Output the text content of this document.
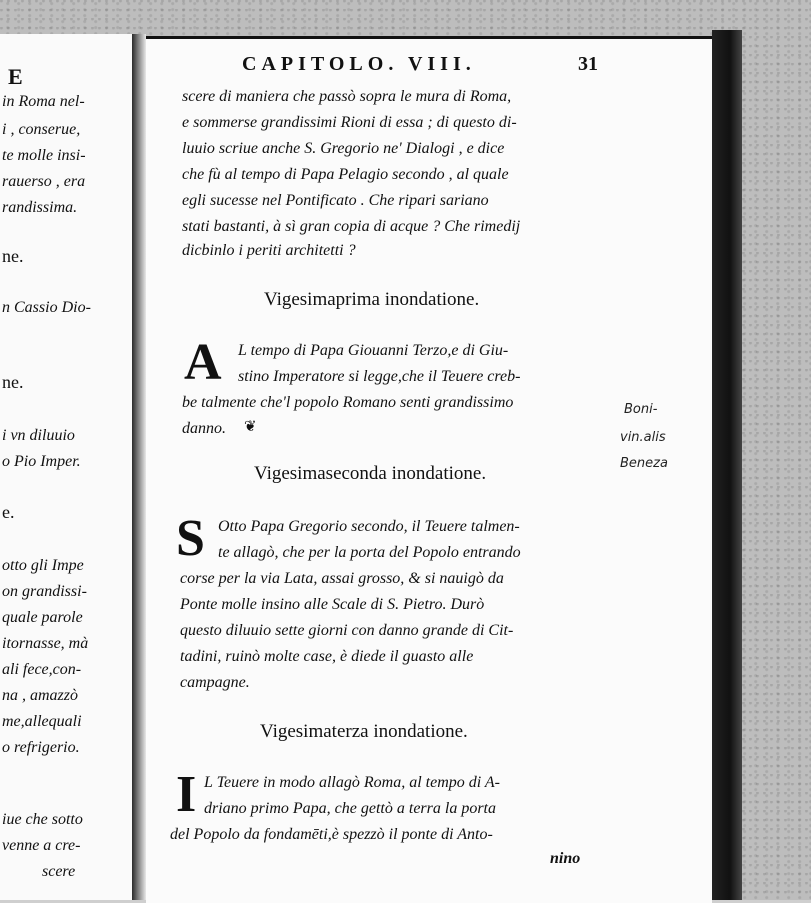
E
in Roma nel-
i , conserue,
te molle insi-
rauerso , era
randissima.
ne.
n Cassio Dio-
ne.
i vn diluuio
o Pio Imper.
e.
otto gli Impe
on grandissi-
quale parole
itornasse, mà
ali fece,con-
na , amazzò
me,allequali
o refrigerio.
iue che sotto
venne a cre-
scere
CAPITOLO. VIII.	31
scere di maniera che passò sopra le mura di Roma,
e sommerse grandissimi Rioni di essa ; di questo di-
luuio scriue anche S. Gregorio ne' Dialogi , e dice
che fù al tempo di Papa Pelagio secondo , al quale
egli sucesse nel Pontificato . Che ripari sariano
stati bastanti, à sì gran copia di acque ? Che rimedij
dicbinlo i periti architetti ?
Vigesimaprima inondatione.
A L tempo di Papa Giouanni Terzo,e di Giu-
stino Imperatore si legge,che il Teuere creb-
be talmente che'l popolo Romano senti grandissimo
danno. ❦
Vigesimaseconda inondatione.
S Otto Papa Gregorio secondo, il Teuere talmen-
te allagò, che per la porta del Popolo entrando
corse per la via Lata, assai grosso, & si nauigò da
Ponte molle insino alle Scale di S. Pietro. Durò
questo diluuio sette giorni con danno grande di Cit-
tadini, ruinò molte case, è diede il guasto alle
campagne.
Vigesimaterza inondatione.
I L Teuere in modo allagò Roma, al tempo di A-
driano primo Papa, che gettò a terra la porta
del Popolo da fondamēti,è spezzò il ponte di Anto-
nino
Boni-
vin.alis
Beneza
